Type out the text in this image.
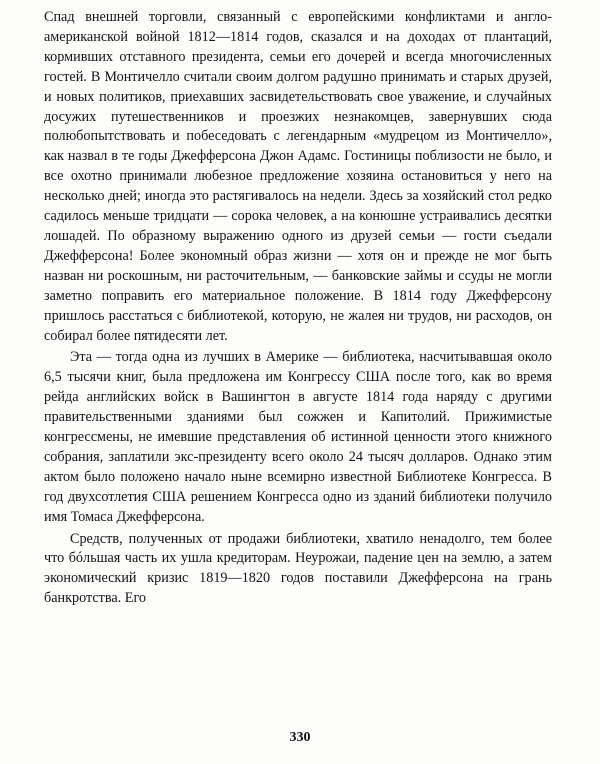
Спад внешней торговли, связанный с европейскими конфликтами и англо-американской войной 1812—1814 годов, сказался и на доходах от плантаций, кормивших отставного президента, семьи его дочерей и всегда многочисленных гостей. В Монтичелло считали своим долгом радушно принимать и старых друзей, и новых политиков, приехавших засвидетельствовать свое уважение, и случайных досужих путешественников и проезжих незнакомцев, завернувших сюда полюбопытствовать и побеседовать с легендарным «мудрецом из Монтичелло», как назвал в те годы Джефферсона Джон Адамс. Гостиницы поблизости не было, и все охотно принимали любезное предложение хозяина остановиться у него на несколько дней; иногда это растягивалось на недели. Здесь за хозяйский стол редко садилось меньше тридцати — сорока человек, а на конюшне устраивались десятки лошадей. По образному выражению одного из друзей семьи — гости съедали Джефферсона! Более экономный образ жизни — хотя он и прежде не мог быть назван ни роскошным, ни расточительным, — банковские займы и ссуды не могли заметно поправить его материальное положение. В 1814 году Джефферсону пришлось расстаться с библиотекой, которую, не жалея ни трудов, ни расходов, он собирал более пятидесяти лет.

Эта — тогда одна из лучших в Америке — библиотека, насчитывавшая около 6,5 тысячи книг, была предложена им Конгрессу США после того, как во время рейда английских войск в Вашингтон в августе 1814 года наряду с другими правительственными зданиями был сожжен и Капитолий. Прижимистые конгрессмены, не имевшие представления об истинной ценности этого книжного собрания, заплатили экс-президенту всего около 24 тысяч долларов. Однако этим актом было положено начало ныне всемирно известной Библиотеке Конгресса. В год двухсотлетия США решением Конгресса одно из зданий библиотеки получило имя Томаса Джефферсона.

Средств, полученных от продажи библиотеки, хватило ненадолго, тем более что бóльшая часть их ушла кредиторам. Неурожаи, падение цен на землю, а затем экономический кризис 1819—1820 годов поставили Джефферсона на грань банкротства. Его

330
